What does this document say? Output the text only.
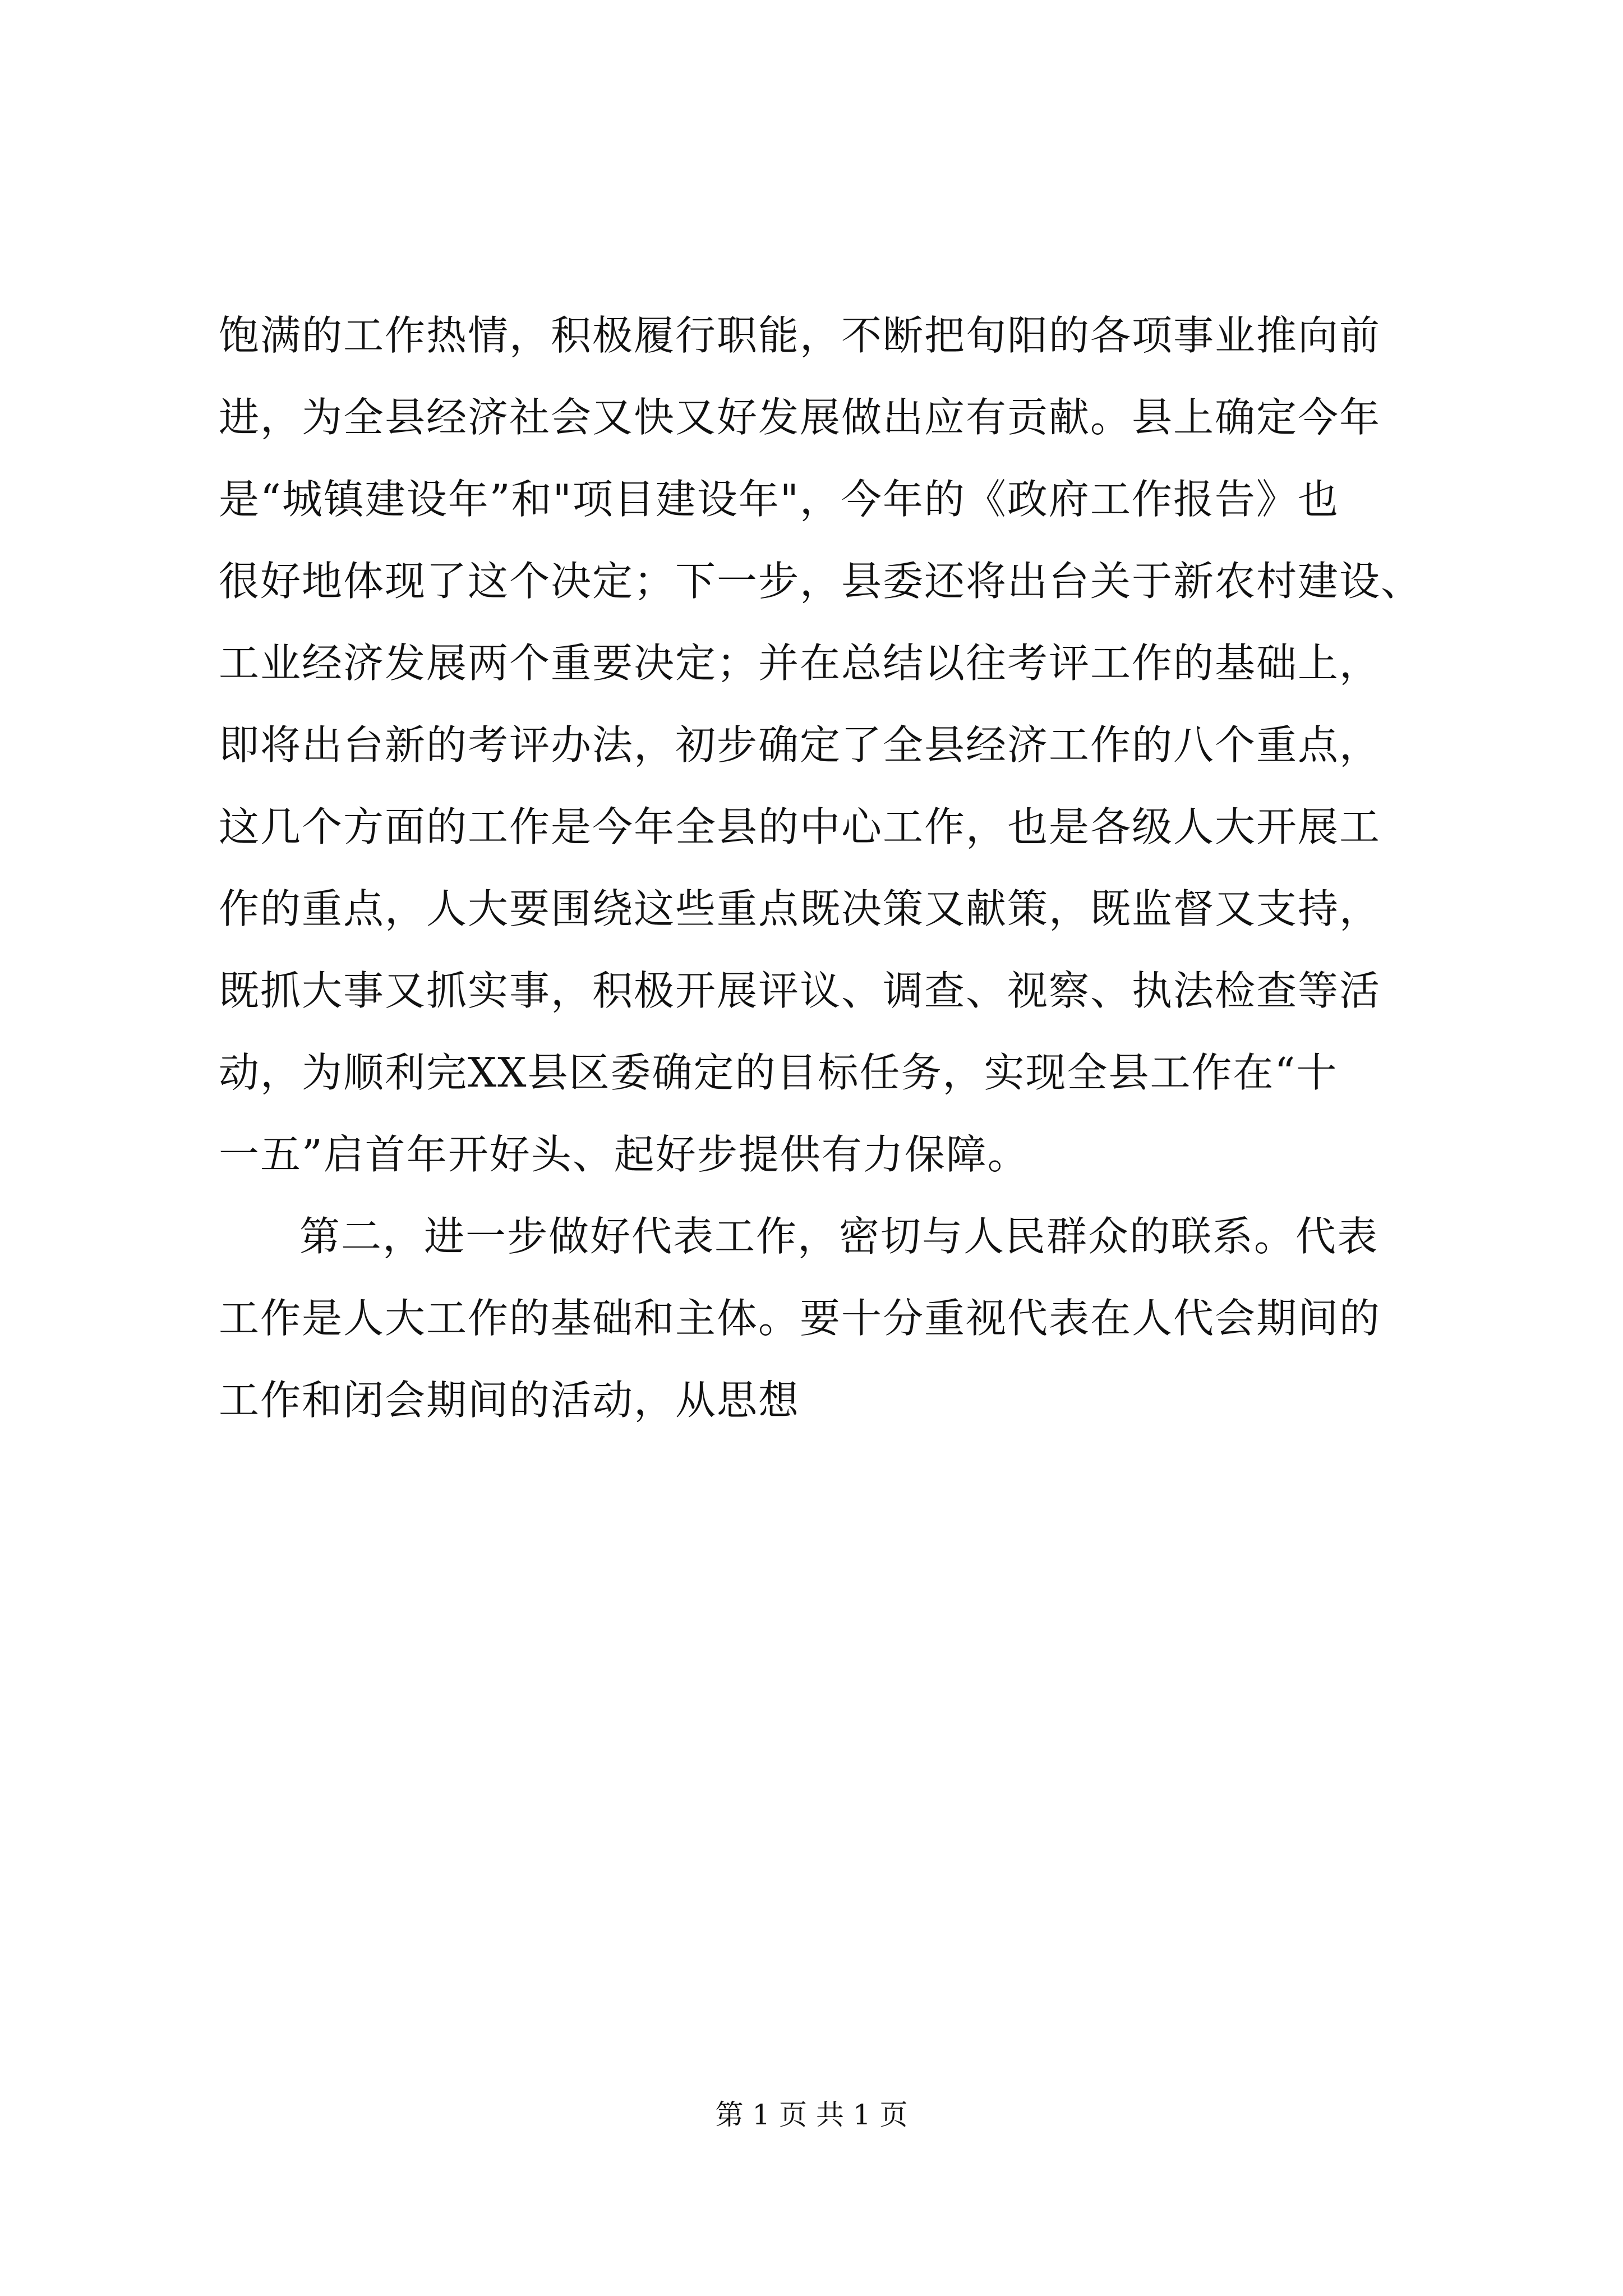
饱满的工作热情，积极履行职能，不断把旬阳的各项事业推向前
进，为全县经济社会又快又好发展做出应有贡献。县上确定今年
是“城镇建设年”和"项目建设年"，今年的《政府工作报告》也
很好地体现了这个决定；下一步，县委还将出台关于新农村建设、
工业经济发展两个重要决定；并在总结以往考评工作的基础上，
即将出台新的考评办法，初步确定了全县经济工作的八个重点，
这几个方面的工作是今年全县的中心工作，也是各级人大开展工
作的重点，人大要围绕这些重点既决策又献策，既监督又支持，
既抓大事又抓实事，积极开展评议、调查、视察、执法检查等活
动，为顺利完XX县区委确定的目标任务，实现全县工作在“十
一五”启首年开好头、起好步提供有力保障。
第二，进一步做好代表工作，密切与人民群众的联系。代表
工作是人大工作的基础和主体。要十分重视代表在人代会期间的
工作和闭会期间的活动，从思想
第 1 页 共 1 页
